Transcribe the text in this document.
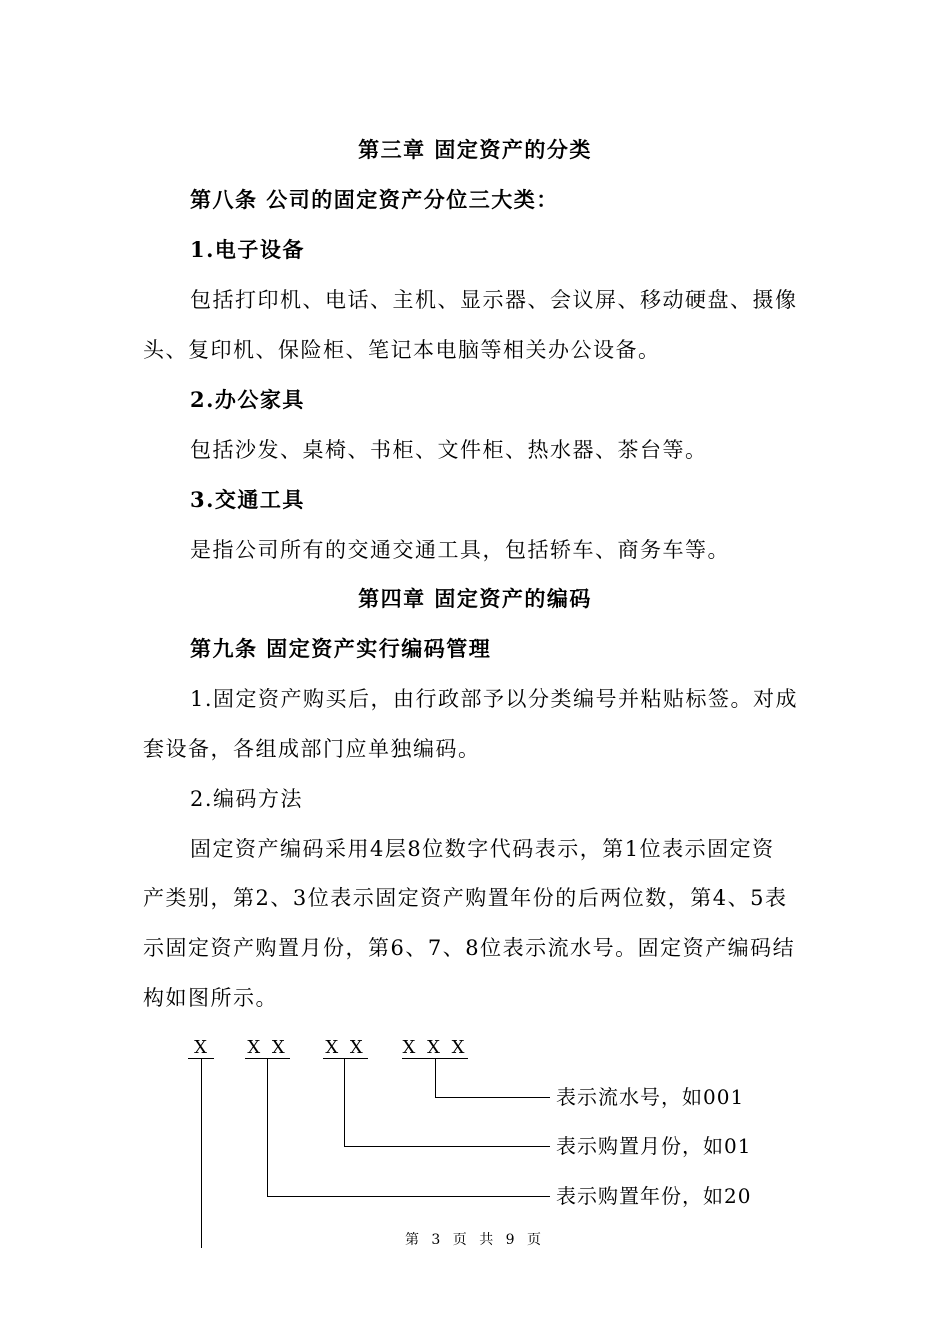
第三章 固定资产的分类
第八条 公司的固定资产分位三大类：
1.电子设备
包括打印机、电话、主机、显示器、会议屏、移动硬盘、摄像
头、复印机、保险柜、笔记本电脑等相关办公设备。
2.办公家具
包括沙发、桌椅、书柜、文件柜、热水器、茶台等。
3.交通工具
是指公司所有的交通交通工具，包括轿车、商务车等。
第四章 固定资产的编码
第九条 固定资产实行编码管理
1.固定资产购买后，由行政部予以分类编号并粘贴标签。对成
套设备，各组成部门应单独编码。
2.编码方法
固定资产编码采用4层8位数字代码表示，第1位表示固定资
产类别，第2、3位表示固定资产购置年份的后两位数，第4、5表
示固定资产购置月份，第6、7、8位表示流水号。固定资产编码结
构如图所示。
X	X X X X X X X
表示流水号，如001
表示购置月份，如01
表示购置年份，如20
第 3 页 共 9 页
